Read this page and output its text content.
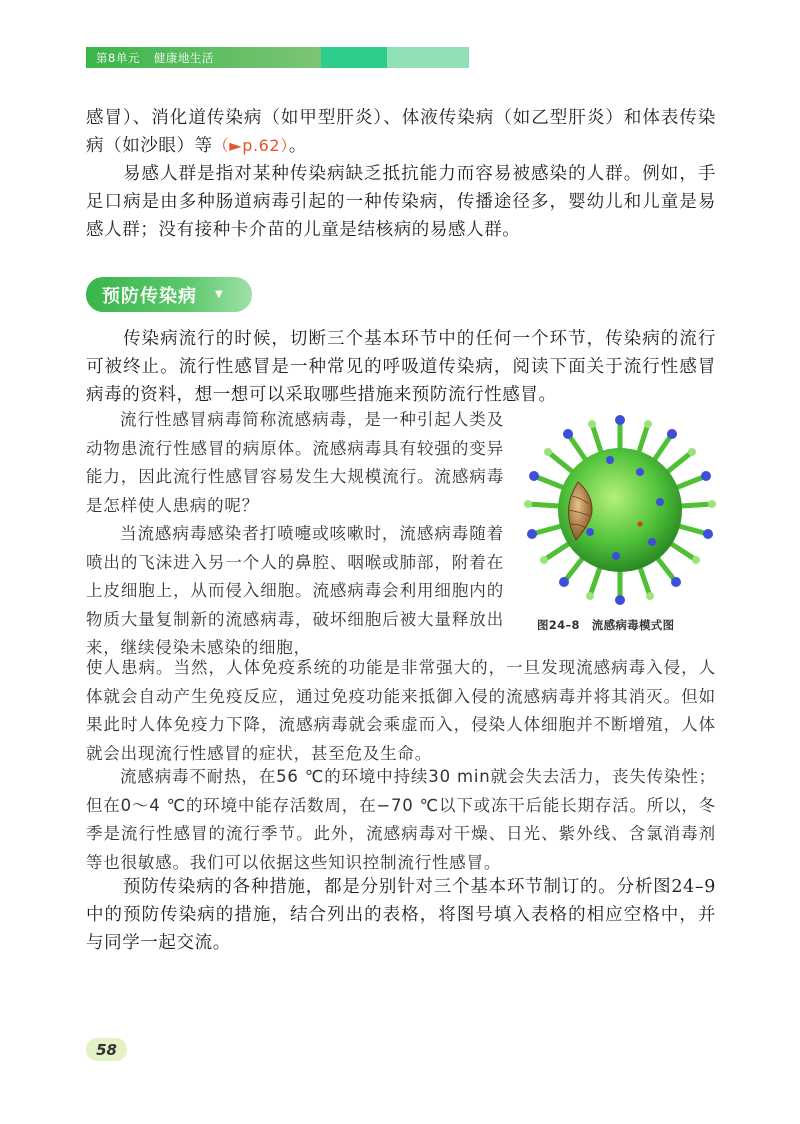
第8单元 健康地生活
感冒）、消化道传染病（如甲型肝炎）、体液传染病（如乙型肝炎）和体表传染病（如沙眼）等（►p.62）。
易感人群是指对某种传染病缺乏抵抗能力而容易被感染的人群。例如，手足口病是由多种肠道病毒引起的一种传染病，传播途径多，婴幼儿和儿童是易感人群；没有接种卡介苗的儿童是结核病的易感人群。
预防传染病 ▼
传染病流行的时候，切断三个基本环节中的任何一个环节，传染病的流行可被终止。流行性感冒是一种常见的呼吸道传染病，阅读下面关于流行性感冒病毒的资料，想一想可以采取哪些措施来预防流行性感冒。
流行性感冒病毒简称流感病毒，是一种引起人类及动物患流行性感冒的病原体。流感病毒具有较强的变异能力，因此流行性感冒容易发生大规模流行。流感病毒是怎样使人患病的呢？
当流感病毒感染者打喷嚏或咳嗽时，流感病毒随着喷出的飞沫进入另一个人的鼻腔、咽喉或肺部，附着在上皮细胞上，从而侵入细胞。流感病毒会利用细胞内的物质大量复制新的流感病毒，破坏细胞后被大量释放出来，继续侵染未感染的细胞，
使人患病。当然，人体免疫系统的功能是非常强大的，一旦发现流感病毒入侵，人体就会自动产生免疫反应，通过免疫功能来抵御入侵的流感病毒并将其消灭。但如果此时人体免疫力下降，流感病毒就会乘虚而入，侵染人体细胞并不断增殖，人体就会出现流行性感冒的症状，甚至危及生命。
流感病毒不耐热，在56 ℃的环境中持续30 min就会失去活力，丧失传染性；但在0～4 ℃的环境中能存活数周，在−70 ℃以下或冻干后能长期存活。所以，冬季是流行性感冒的流行季节。此外，流感病毒对干燥、日光、紫外线、含氯消毒剂等也很敏感。我们可以依据这些知识控制流行性感冒。
图24–8 流感病毒模式图
预防传染病的各种措施，都是分别针对三个基本环节制订的。分析图24–9中的预防传染病的措施，结合列出的表格，将图号填入表格的相应空格中，并与同学一起交流。
58
